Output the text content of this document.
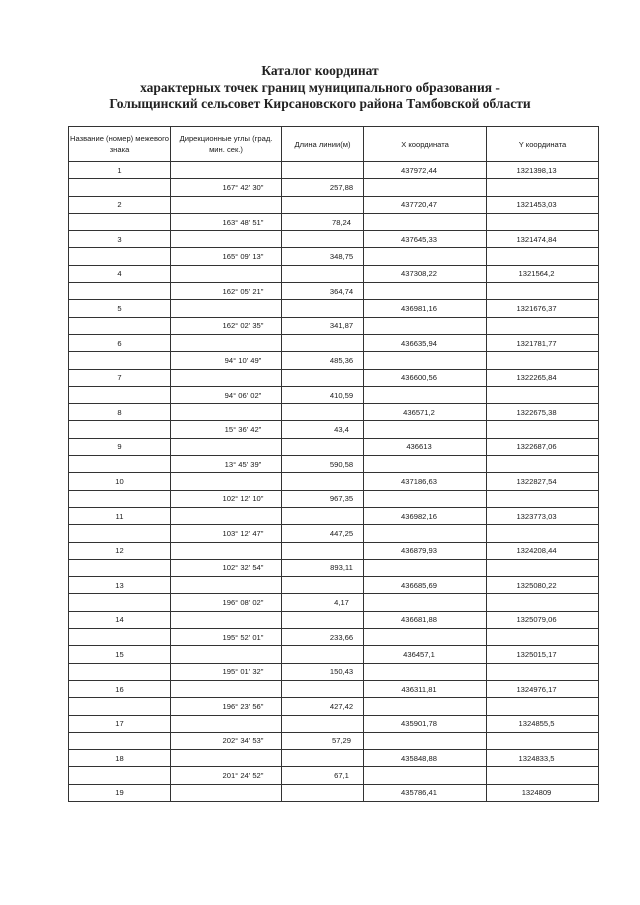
Каталог координат
характерных точек границ муниципального образования -
Голыщинский сельсовет Кирсановского района Тамбовской области
Название (номер) межевого знака	Дирекционные углы (град. мин. сек.)	Длина линии(м)	X координата	Y координата
1			437972,44	1321398,13
	167° 42' 30"	257,88		
2			437720,47	1321453,03
	163° 48' 51"	78,24		
3			437645,33	1321474,84
	165° 09' 13"	348,75		
4			437308,22	1321564,2
	162° 05' 21"	364,74		
5			436981,16	1321676,37
	162° 02' 35"	341,87		
6			436635,94	1321781,77
	94° 10' 49"	485,36		
7			436600,56	1322265,84
	94° 06' 02"	410,59		
8			436571,2	1322675,38
	15° 36' 42"	43,4		
9			436613	1322687,06
	13° 45' 39"	590,58		
10			437186,63	1322827,54
	102° 12' 10"	967,35		
11			436982,16	1323773,03
	103° 12' 47"	447,25		
12			436879,93	1324208,44
	102° 32' 54"	893,11		
13			436685,69	1325080,22
	196° 08' 02"	4,17		
14			436681,88	1325079,06
	195° 52' 01"	233,66		
15			436457,1	1325015,17
	195° 01' 32"	150,43		
16			436311,81	1324976,17
	196° 23' 56"	427,42		
17			435901,78	1324855,5
	202° 34' 53"	57,29		
18			435848,88	1324833,5
	201° 24' 52"	67,1		
19			435786,41	1324809
